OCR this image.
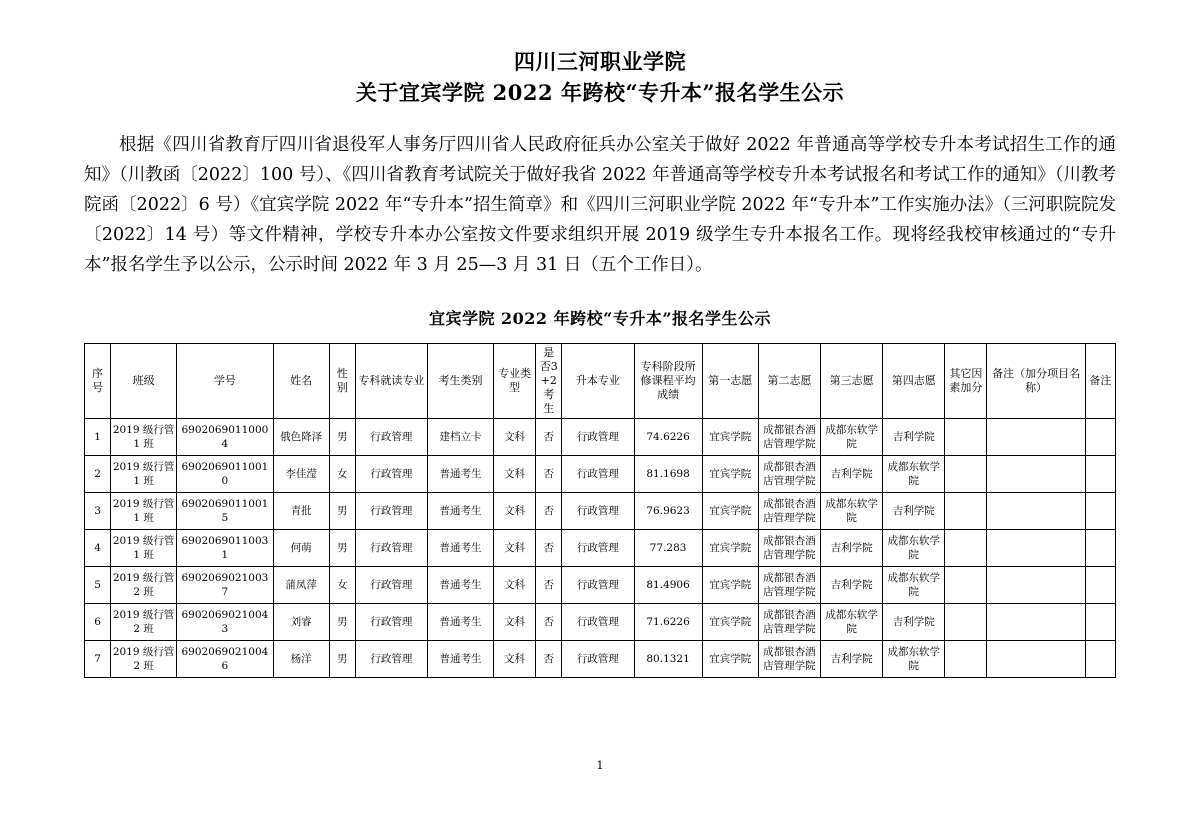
四川三河职业学院
关于宜宾学院 2022 年跨校“专升本”报名学生公示

根据《四川省教育厅四川省退役军人事务厅四川省人民政府征兵办公室关于做好 2022 年普通高等学校专升本考试招生工作的通知》（川教函〔2022〕100 号）、《四川省教育考试院关于做好我省 2022 年普通高等学校专升本考试报名和考试工作的通知》（川教考院函〔2022〕6 号）《宜宾学院 2022 年“专升本”招生简章》和《四川三河职业学院 2022 年“专升本”工作实施办法》（三河职院院发〔2022〕14 号）等文件精神，学校专升本办公室按文件要求组织开展 2019 级学生专升本报名工作。现将经我校审核通过的“专升本”报名学生予以公示，公示时间 2022 年 3 月 25—3 月 31 日（五个工作日）。

宜宾学院 2022 年跨校“专升本”报名学生公示
序号	班级	学号	姓名	性别	专科就读专业	考生类别	专业类型	是否3+2考生	升本专业	专科阶段所修课程平均成绩	第一志愿	第二志愿	第三志愿	第四志愿	其它因素加分	备注（加分项目名称）	备注
1	2019 级行管 1 班	69020690110004	俄色降泽	男	行政管理	建档立卡	文科	否	行政管理	74.6226	宜宾学院	成都银杏酒店管理学院	成都东软学院	吉利学院			
2	2019 级行管 1 班	69020690110010	李佳滢	女	行政管理	普通考生	文科	否	行政管理	81.1698	宜宾学院	成都银杏酒店管理学院	吉利学院	成都东软学院			
3	2019 级行管 1 班	69020690110015	青批	男	行政管理	普通考生	文科	否	行政管理	76.9623	宜宾学院	成都银杏酒店管理学院	成都东软学院	吉利学院			
4	2019 级行管 1 班	69020690110031	何萌	男	行政管理	普通考生	文科	否	行政管理	77.283	宜宾学院	成都银杏酒店管理学院	吉利学院	成都东软学院			
5	2019 级行管 2 班	69020690210037	蒲凤萍	女	行政管理	普通考生	文科	否	行政管理	81.4906	宜宾学院	成都银杏酒店管理学院	吉利学院	成都东软学院			
6	2019 级行管 2 班	69020690210043	刘睿	男	行政管理	普通考生	文科	否	行政管理	71.6226	宜宾学院	成都银杏酒店管理学院	成都东软学院	吉利学院			
7	2019 级行管 2 班	69020690210046	杨洋	男	行政管理	普通考生	文科	否	行政管理	80.1321	宜宾学院	成都银杏酒店管理学院	吉利学院	成都东软学院			
1
